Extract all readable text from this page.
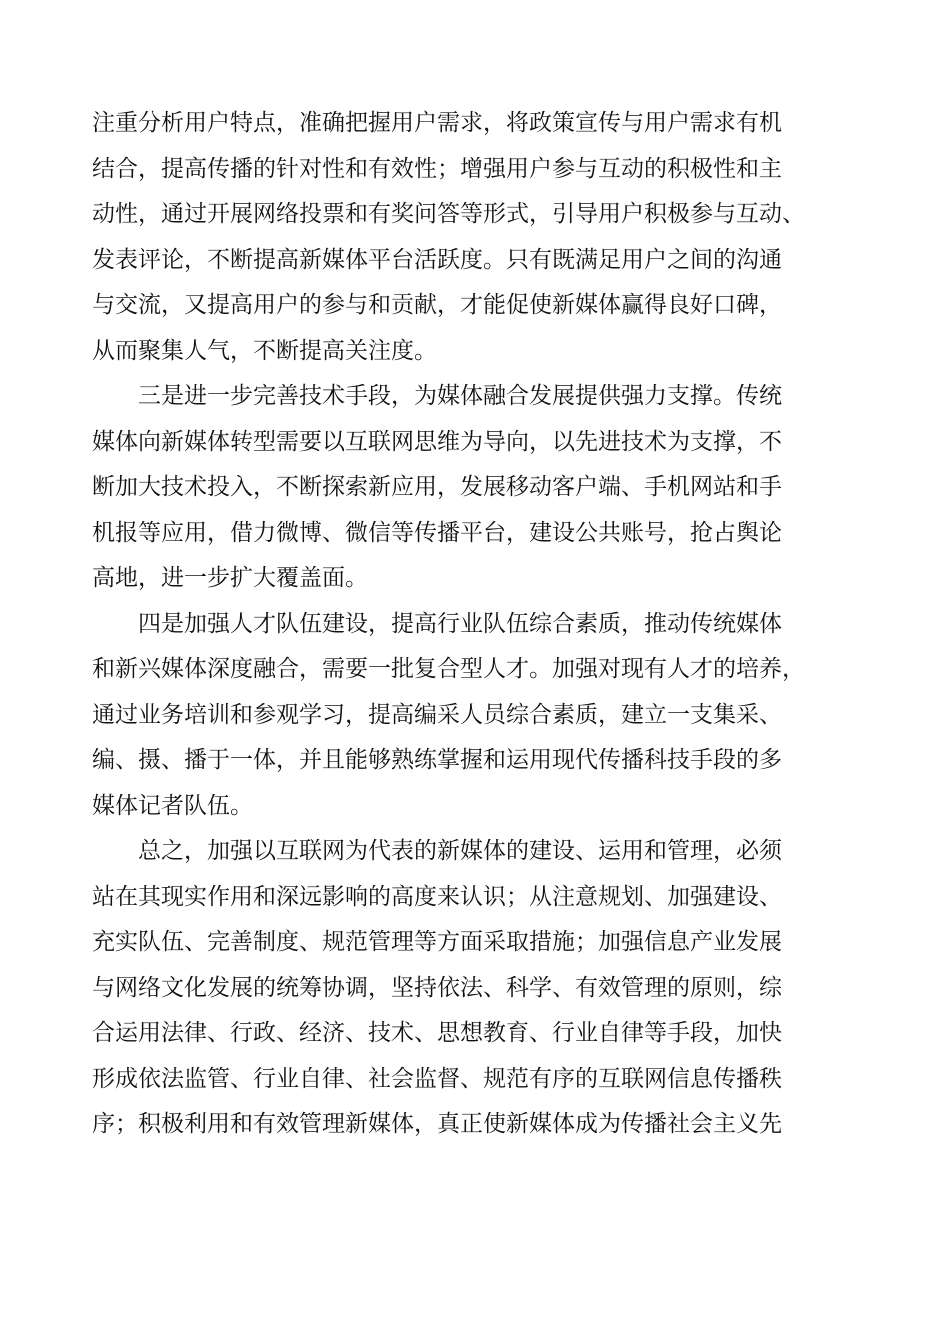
注重分析用户特点，准确把握用户需求，将政策宣传与用户需求有机
结合，提高传播的针对性和有效性；增强用户参与互动的积极性和主
动性，通过开展网络投票和有奖问答等形式，引导用户积极参与互动、
发表评论，不断提高新媒体平台活跃度。只有既满足用户之间的沟通
与交流，又提高用户的参与和贡献，才能促使新媒体赢得良好口碑，
从而聚集人气，不断提高关注度。
三是进一步完善技术手段，为媒体融合发展提供强力支撑。传统
媒体向新媒体转型需要以互联网思维为导向，以先进技术为支撑，不
断加大技术投入，不断探索新应用，发展移动客户端、手机网站和手
机报等应用，借力微博、微信等传播平台，建设公共账号，抢占舆论
高地，进一步扩大覆盖面。
四是加强人才队伍建设，提高行业队伍综合素质，推动传统媒体
和新兴媒体深度融合，需要一批复合型人才。加强对现有人才的培养，
通过业务培训和参观学习，提高编采人员综合素质，建立一支集采、
编、摄、播于一体，并且能够熟练掌握和运用现代传播科技手段的多
媒体记者队伍。
总之，加强以互联网为代表的新媒体的建设、运用和管理，必须
站在其现实作用和深远影响的高度来认识；从注意规划、加强建设、
充实队伍、完善制度、规范管理等方面采取措施；加强信息产业发展
与网络文化发展的统筹协调，坚持依法、科学、有效管理的原则，综
合运用法律、行政、经济、技术、思想教育、行业自律等手段，加快
形成依法监管、行业自律、社会监督、规范有序的互联网信息传播秩
序；积极利用和有效管理新媒体，真正使新媒体成为传播社会主义先
